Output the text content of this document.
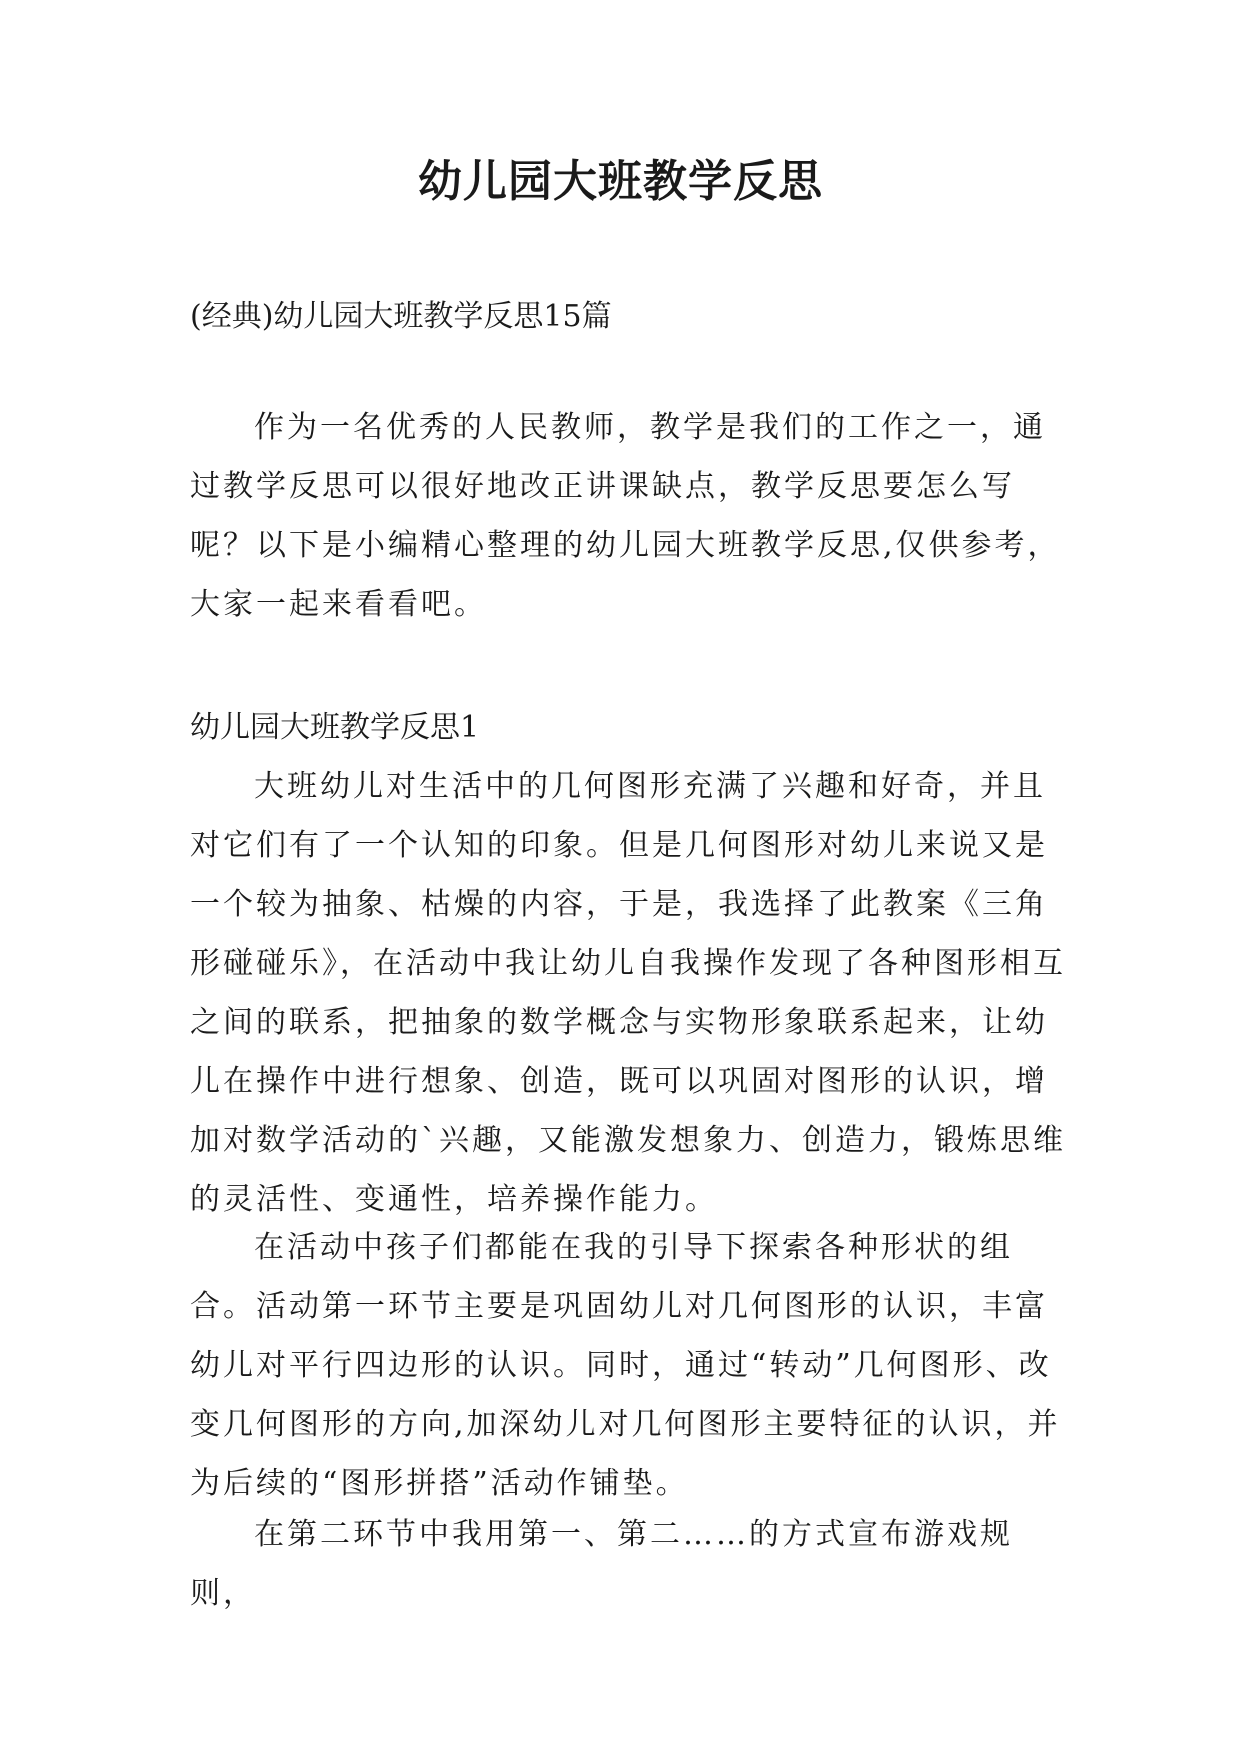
幼儿园大班教学反思

(经典)幼儿园大班教学反思15篇

作为一名优秀的人民教师，教学是我们的工作之一，通过教学反思可以很好地改正讲课缺点，教学反思要怎么写呢？以下是小编精心整理的幼儿园大班教学反思,仅供参考，大家一起来看看吧。

幼儿园大班教学反思1

大班幼儿对生活中的几何图形充满了兴趣和好奇，并且对它们有了一个认知的印象。但是几何图形对幼儿来说又是一个较为抽象、枯燥的内容，于是，我选择了此教案《三角形碰碰乐》，在活动中我让幼儿自我操作发现了各种图形相互之间的联系，把抽象的数学概念与实物形象联系起来，让幼儿在操作中进行想象、创造，既可以巩固对图形的认识，增加对数学活动的`兴趣，又能激发想象力、创造力，锻炼思维的灵活性、变通性，培养操作能力。

在活动中孩子们都能在我的引导下探索各种形状的组合。活动第一环节主要是巩固幼儿对几何图形的认识，丰富幼儿对平行四边形的认识。同时，通过“转动”几何图形、改变几何图形的方向,加深幼儿对几何图形主要特征的认识，并为后续的“图形拼搭”活动作铺垫。

在第二环节中我用第一、第二……的方式宣布游戏规则，
